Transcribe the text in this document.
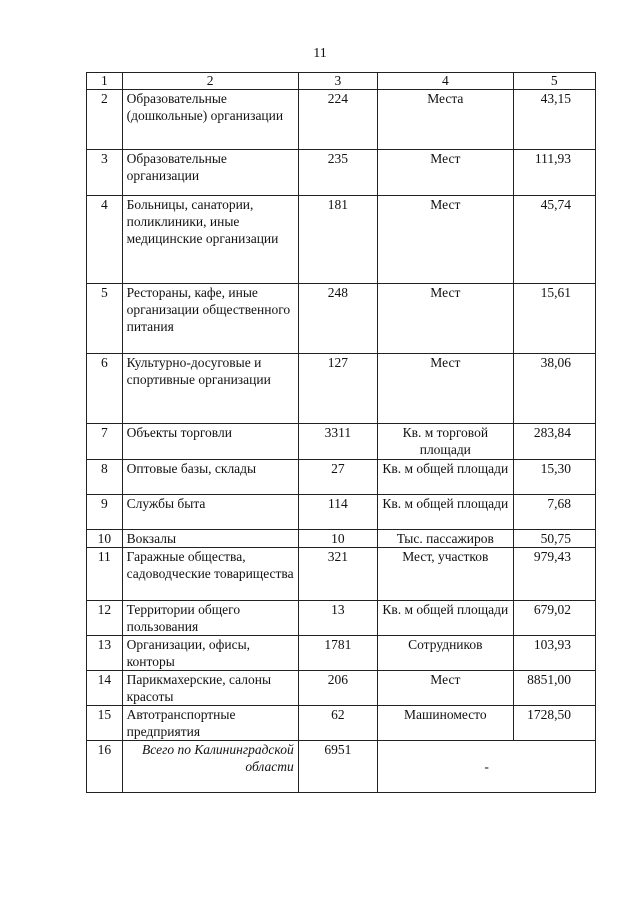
11
1	2	3	4	5
2	Образовательные (дошкольные) организации	224	Места	43,15
3	Образовательные организации	235	Мест	111,93
4	Больницы, санатории, поликлиники, иные медицинские организации	181	Мест	45,74
5	Рестораны, кафе, иные организации общественного питания	248	Мест	15,61
6	Культурно-досуговые и спортивные организации	127	Мест	38,06
7	Объекты торговли	3311	Кв. м торговой площади	283,84
8	Оптовые базы, склады	27	Кв. м общей площади	15,30
9	Службы быта	114	Кв. м общей площади	7,68
10	Вокзалы	10	Тыс. пассажиров	50,75
11	Гаражные общества, садоводческие товарищества	321	Мест, участков	979,43
12	Территории общего пользования	13	Кв. м общей площади	679,02
13	Организации, офисы, конторы	1781	Сотрудников	103,93
14	Парикмахерские, салоны красоты	206	Мест	8851,00
15	Автотранспортные предприятия	62	Машиноместо	1728,50
16	Всего по Калининградской области	6951	-	
